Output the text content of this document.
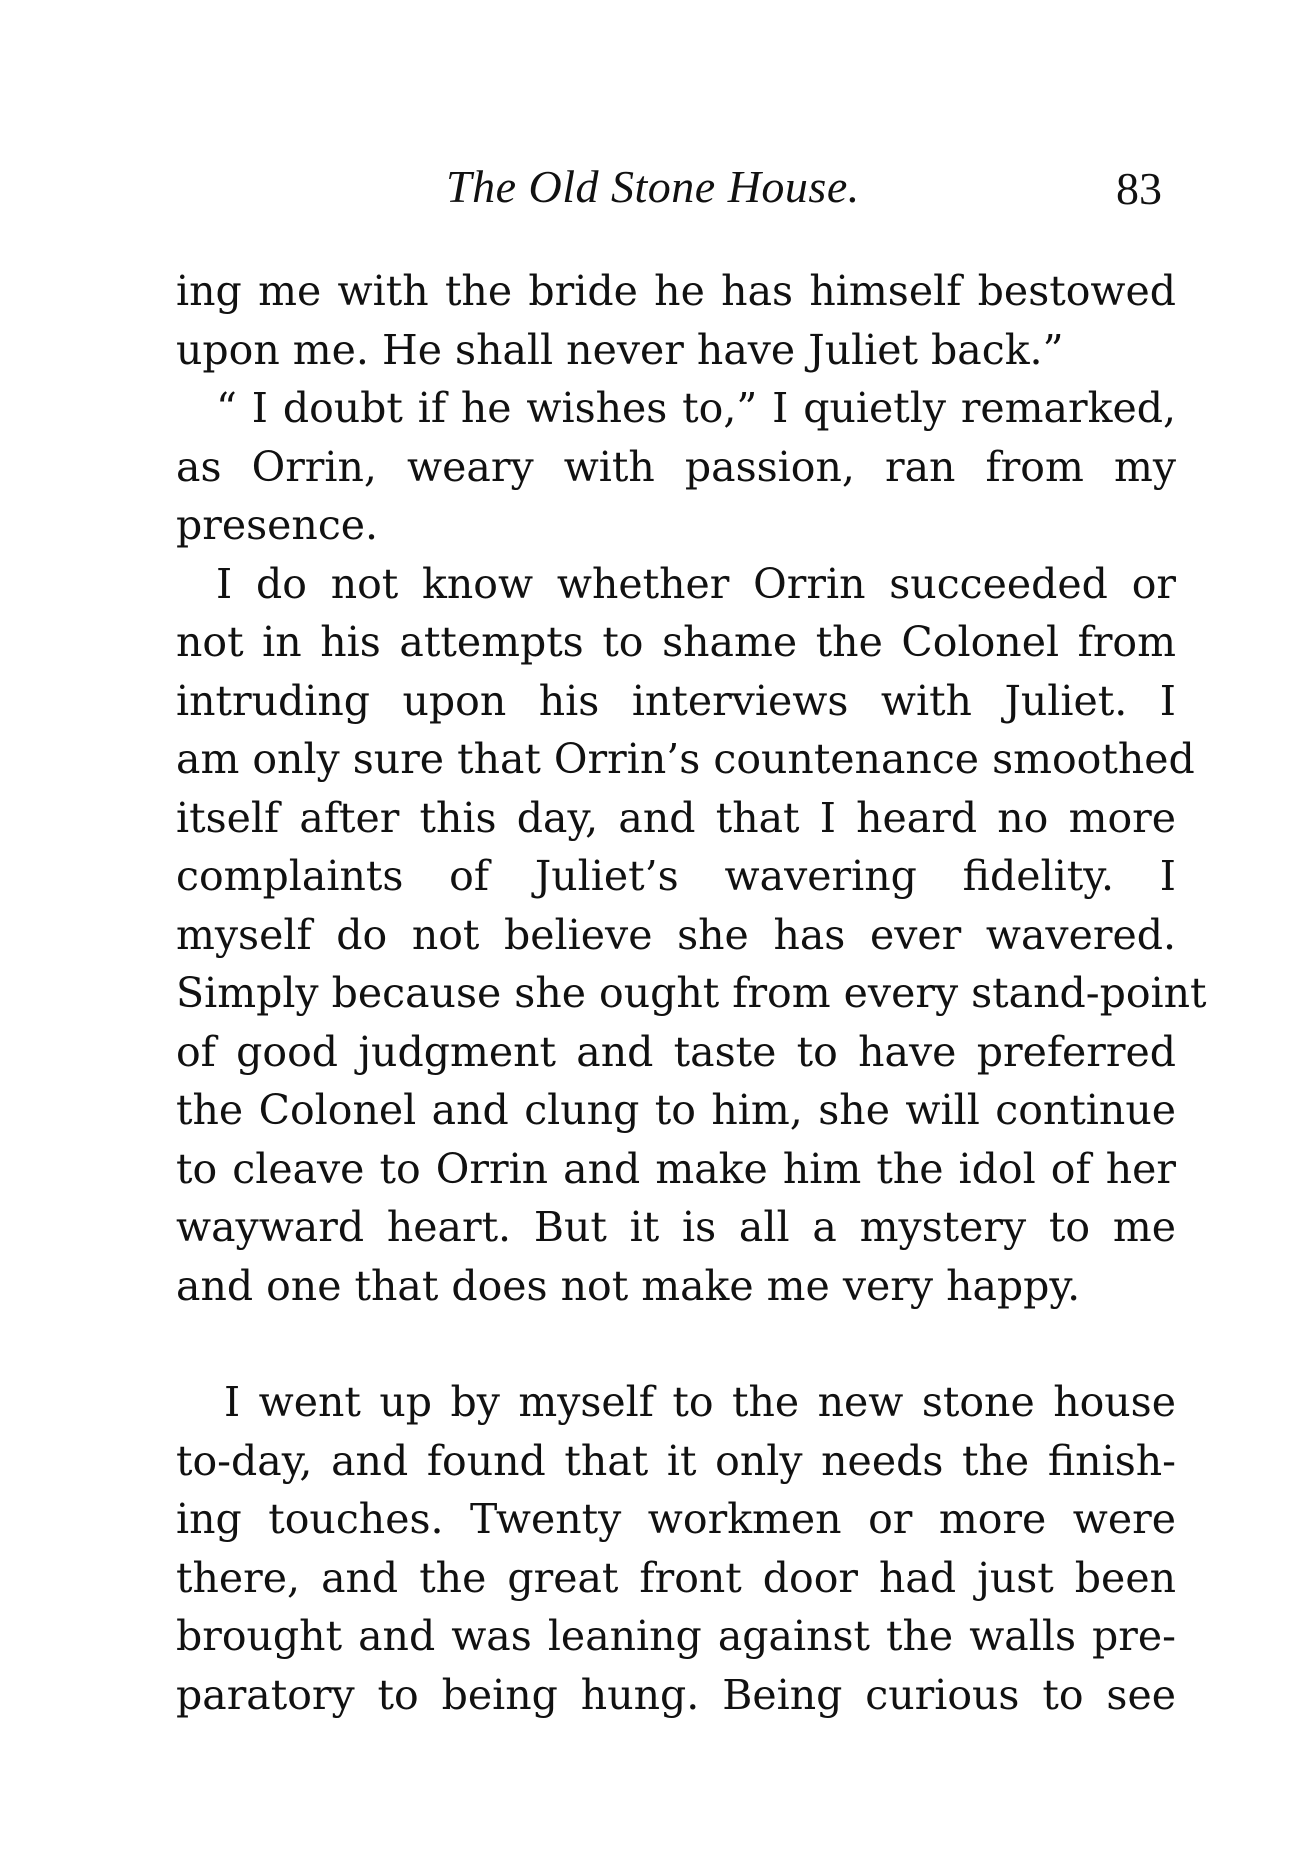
The Old Stone House.	83
ing me with the bride he has himself bestowed
upon me. He shall never have Juliet back.”
“ I doubt if he wishes to,” I quietly remarked,
as Orrin, weary with passion, ran from my
presence.
I do not know whether Orrin succeeded or
not in his attempts to shame the Colonel from
intruding upon his interviews with Juliet. I
am only sure that Orrin’s countenance smoothed
itself after this day, and that I heard no more
complaints of Juliet’s wavering fidelity. I
myself do not believe she has ever wavered.
Simply because she ought from every stand-point
of good judgment and taste to have preferred
the Colonel and clung to him, she will continue
to cleave to Orrin and make him the idol of her
wayward heart. But it is all a mystery to me
and one that does not make me very happy.
I went up by myself to the new stone house
to-day, and found that it only needs the finish-
ing touches. Twenty workmen or more were
there, and the great front door had just been
brought and was leaning against the walls pre-
paratory to being hung. Being curious to see
